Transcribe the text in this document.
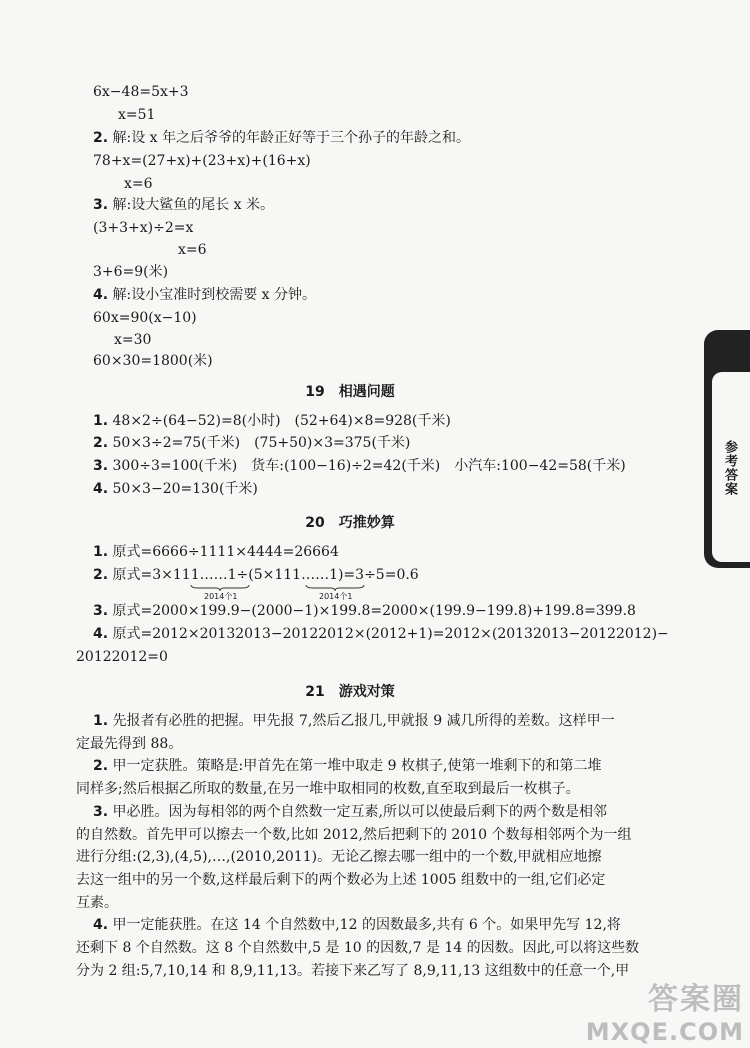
参考答案
6x−48=5x+3
x=51
2. 解:设 x 年之后爷爷的年龄正好等于三个孙子的年龄之和。
78+x=(27+x)+(23+x)+(16+x)
x=6
3. 解:设大鲨鱼的尾长 x 米。
(3+3+x)÷2=x
x=6
3+6=9(米)
4. 解:设小宝准时到校需要 x 分钟。
60x=90(x−10)
x=30
60×30=1800(米)
19　相遇问题
1. 48×2÷(64−52)=8(小时)　(52+64)×8=928(千米)
2. 50×3÷2=75(千米)　(75+50)×3=375(千米)
3. 300÷3=100(千米)　货车:(100−16)÷2=42(千米)　小汽车:100−42=58(千米)
4. 50×3−20=130(千米)
20　巧推妙算
1. 原式=6666÷1111×4444=26664
2. 原式=3×111……1÷(5×111……1)=3÷5=0.6
2014个1	2014个1
3. 原式=2000×199.9−(2000−1)×199.8=2000×(199.9−199.8)+199.8=399.8
4. 原式=2012×20132013−20122012×(2012+1)=2012×(20132013−20122012)−
20122012=0
21　游戏对策
1. 先报者有必胜的把握。甲先报 7,然后乙报几,甲就报 9 减几所得的差数。这样甲一
定最先得到 88。
2. 甲一定获胜。策略是:甲首先在第一堆中取走 9 枚棋子,使第一堆剩下的和第二堆
同样多;然后根据乙所取的数量,在另一堆中取相同的枚数,直至取到最后一枚棋子。
3. 甲必胜。因为每相邻的两个自然数一定互素,所以可以使最后剩下的两个数是相邻
的自然数。首先甲可以擦去一个数,比如 2012,然后把剩下的 2010 个数每相邻两个为一组
进行分组:(2,3),(4,5),…,(2010,2011)。无论乙擦去哪一组中的一个数,甲就相应地擦
去这一组中的另一个数,这样最后剩下的两个数必为上述 1005 组数中的一组,它们必定
互素。
4. 甲一定能获胜。在这 14 个自然数中,12 的因数最多,共有 6 个。如果甲先写 12,将
还剩下 8 个自然数。这 8 个自然数中,5 是 10 的因数,7 是 14 的因数。因此,可以将这些数
分为 2 组:5,7,10,14 和 8,9,11,13。若接下来乙写了 8,9,11,13 这组数中的任意一个,甲
答案圈
MXQE.COM
